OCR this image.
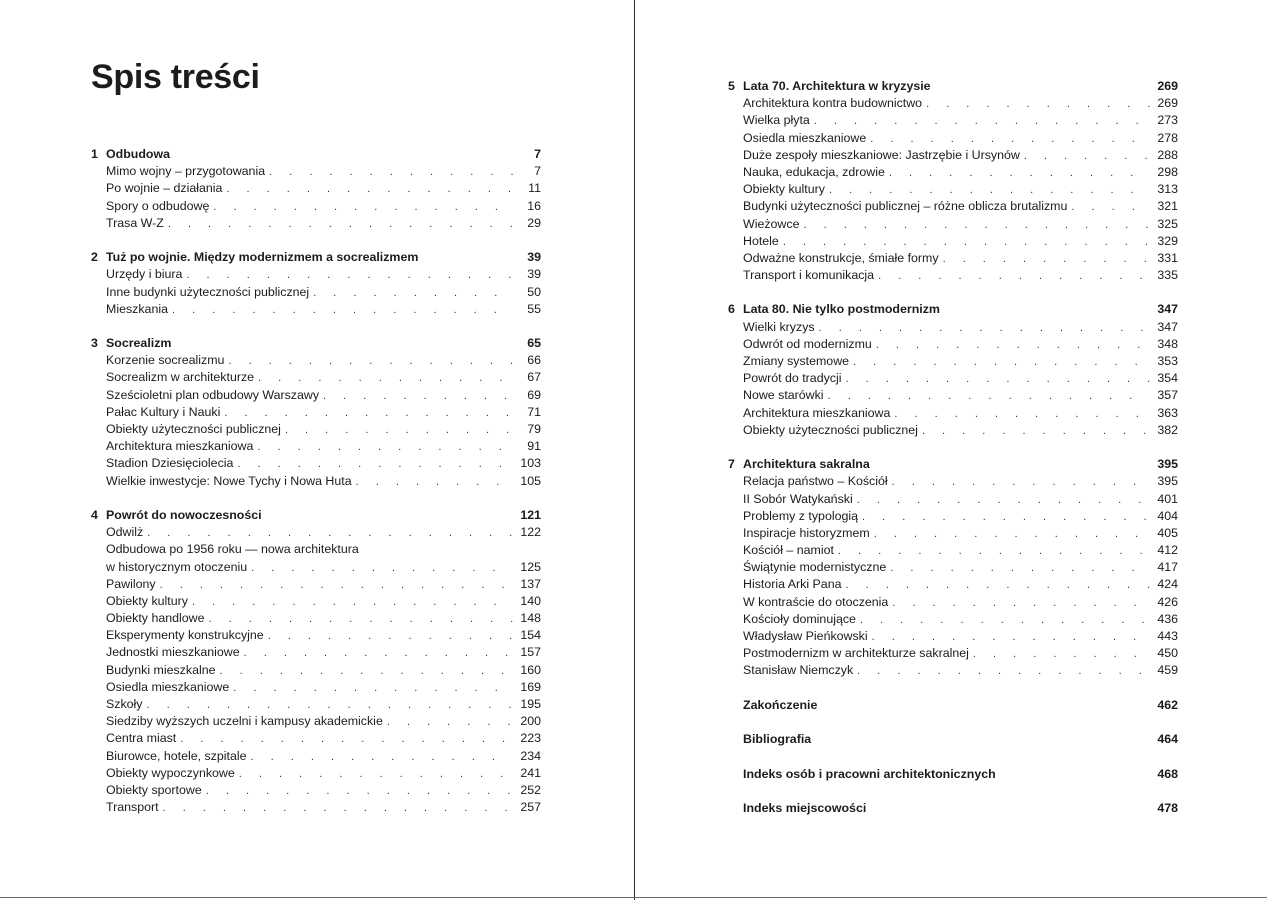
Spis treści
1 Odbudowa	7
Mimo wojny – przygotowania . . .	7
Po wojnie – działania . . .	11
Spory o odbudowę . . .	16
Trasa W-Z . . .	29
2 Tuż po wojnie. Między modernizmem a socrealizmem	39
Urzędy i biura . . .	39
Inne budynki użyteczności publicznej . . .	50
Mieszkania . . .	55
3 Socrealizm	65
Korzenie socrealizmu . . .	66
Socrealizm w architekturze . . .	67
Sześcioletni plan odbudowy Warszawy . . .	69
Pałac Kultury i Nauki . . .	71
Obiekty użyteczności publicznej . . .	79
Architektura mieszkaniowa . . .	91
Stadion Dziesięciolecia . . .	103
Wielkie inwestycje: Nowe Tychy i Nowa Huta . . .	105
4 Powrót do nowoczesności	121
Odwilż . . .	122
Odbudowa po 1956 roku — nowa architektura
w historycznym otoczeniu . . .	125
Pawilony . . .	137
Obiekty kultury . . .	140
Obiekty handlowe . . .	148
Eksperymenty konstrukcyjne . . .	154
Jednostki mieszkaniowe . . .	157
Budynki mieszkalne . . .	160
Osiedla mieszkaniowe . . .	169
Szkoły . . .	195
Siedziby wyższych uczelni i kampusy akademickie . . .	200
Centra miast . . .	223
Biurowce, hotele, szpitale . . .	234
Obiekty wypoczynkowe . . .	241
Obiekty sportowe . . .	252
Transport . . .	257
5 Lata 70. Architektura w kryzysie	269
Architektura kontra budownictwo . . .	269
Wielka płyta . . .	273
Osiedla mieszkaniowe . . .	278
Duże zespoły mieszkaniowe: Jastrzębie i Ursynów . . .	288
Nauka, edukacja, zdrowie . . .	298
Obiekty kultury . . .	313
Budynki użyteczności publicznej – różne oblicza brutalizmu . . .	321
Wieżowce . . .	325
Hotele . . .	329
Odważne konstrukcje, śmiałe formy . . .	331
Transport i komunikacja . . .	335
6 Lata 80. Nie tylko postmodernizm	347
Wielki kryzys . . .	347
Odwrót od modernizmu . . .	348
Zmiany systemowe . . .	353
Powrót do tradycji . . .	354
Nowe starówki . . .	357
Architektura mieszkaniowa . . .	363
Obiekty użyteczności publicznej . . .	382
7 Architektura sakralna	395
Relacja państwo – Kościół . . .	395
II Sobór Watykański . . .	401
Problemy z typologią . . .	404
Inspiracje historyzmem . . .	405
Kościół – namiot . . .	412
Świątynie modernistyczne . . .	417
Historia Arki Pana . . .	424
W kontraście do otoczenia . . .	426
Kościoły dominujące . . .	436
Władysław Pieńkowski . . .	443
Postmodernizm w architekturze sakralnej . . .	450
Stanisław Niemczyk . . .	459
Zakończenie	462
Bibliografia	464
Indeks osób i pracowni architektonicznych	468
Indeks miejscowości	478
